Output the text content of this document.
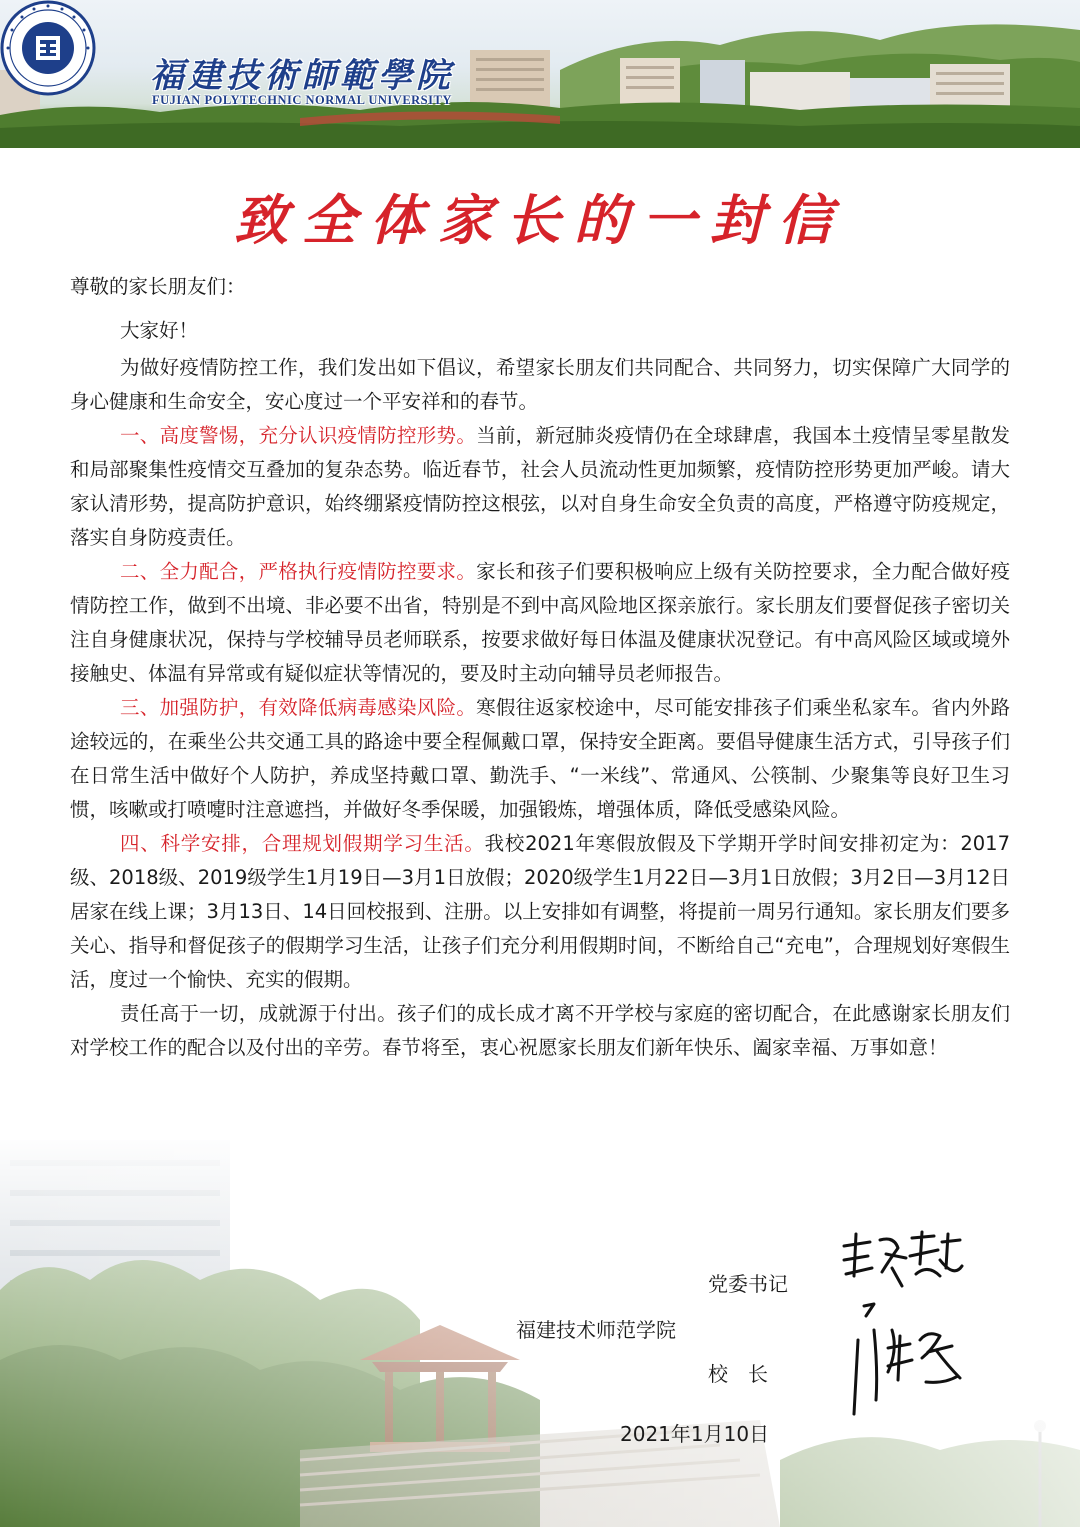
福建技術師範學院
FUJIAN POLYTECHNIC NORMAL UNIVERSITY
致全体家长的一封信

尊敬的家长朋友们：

大家好！

为做好疫情防控工作，我们发出如下倡议，希望家长朋友们共同配合、共同努力，切实保障广大同学的身心健康和生命安全，安心度过一个平安祥和的春节。

一、高度警惕，充分认识疫情防控形势。当前，新冠肺炎疫情仍在全球肆虐，我国本土疫情呈零星散发和局部聚集性疫情交互叠加的复杂态势。临近春节，社会人员流动性更加频繁，疫情防控形势更加严峻。请大家认清形势，提高防护意识，始终绷紧疫情防控这根弦，以对自身生命安全负责的高度，严格遵守防疫规定，落实自身防疫责任。

二、全力配合，严格执行疫情防控要求。家长和孩子们要积极响应上级有关防控要求，全力配合做好疫情防控工作，做到不出境、非必要不出省，特别是不到中高风险地区探亲旅行。家长朋友们要督促孩子密切关注自身健康状况，保持与学校辅导员老师联系，按要求做好每日体温及健康状况登记。有中高风险区域或境外接触史、体温有异常或有疑似症状等情况的，要及时主动向辅导员老师报告。

三、加强防护，有效降低病毒感染风险。寒假往返家校途中，尽可能安排孩子们乘坐私家车。省内外路途较远的，在乘坐公共交通工具的路途中要全程佩戴口罩，保持安全距离。要倡导健康生活方式，引导孩子们在日常生活中做好个人防护，养成坚持戴口罩、勤洗手、“一米线”、常通风、公筷制、少聚集等良好卫生习惯，咳嗽或打喷嚏时注意遮挡，并做好冬季保暖，加强锻炼，增强体质，降低受感染风险。

四、科学安排，合理规划假期学习生活。我校2021年寒假放假及下学期开学时间安排初定为：2017级、2018级、2019级学生1月19日—3月1日放假；2020级学生1月22日—3月1日放假；3月2日—3月12日居家在线上课；3月13日、14日回校报到、注册。以上安排如有调整，将提前一周另行通知。家长朋友们要多关心、指导和督促孩子的假期学习生活，让孩子们充分利用假期时间，不断给自己“充电”，合理规划好寒假生活，度过一个愉快、充实的假期。

责任高于一切，成就源于付出。孩子们的成长成才离不开学校与家庭的密切配合，在此感谢家长朋友们对学校工作的配合以及付出的辛劳。春节将至，衷心祝愿家长朋友们新年快乐、阖家幸福、万事如意！

党委书记
福建技术师范学院
校　长
2021年1月10日
